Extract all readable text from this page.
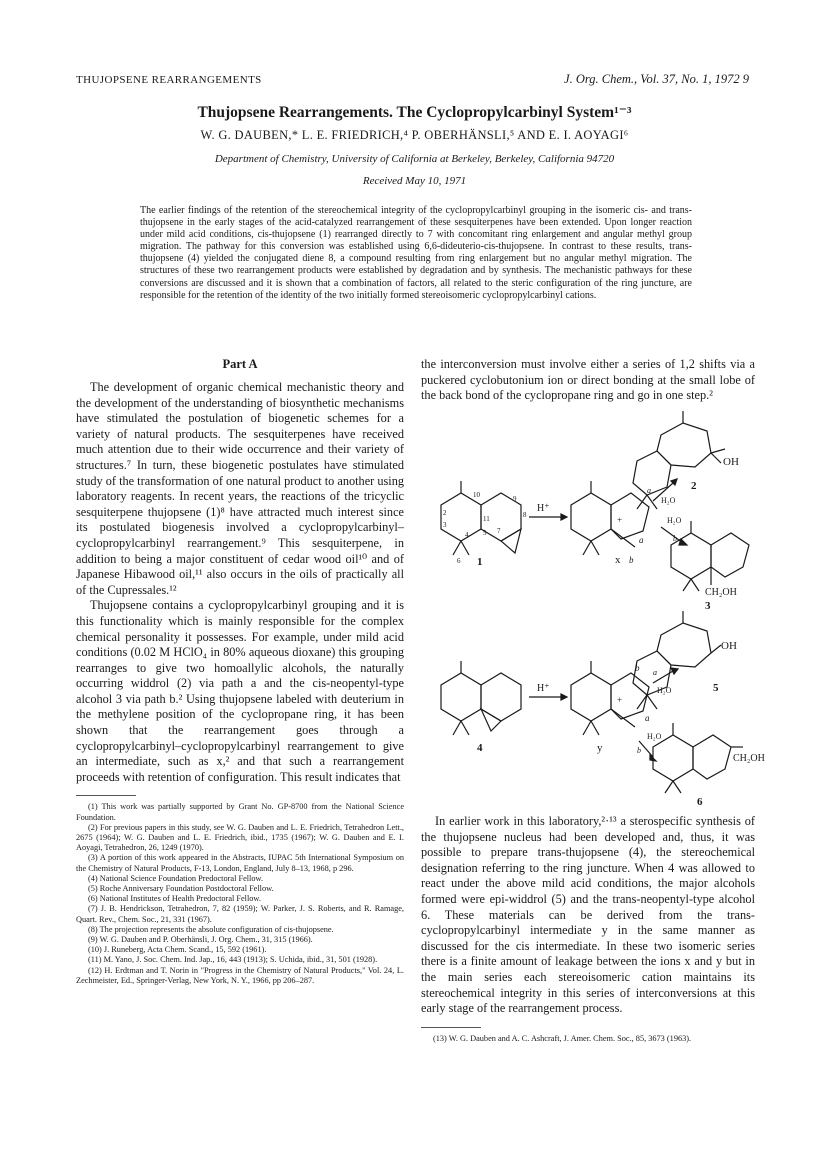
THUJOPSENE REARRANGEMENTS	J. Org. Chem., Vol. 37, No. 1, 1972 9
Thujopsene Rearrangements. The Cyclopropylcarbinyl System¹⁻³
W. G. DAUBEN,* L. E. FRIEDRICH,⁴ P. OBERHÄNSLI,⁵ AND E. I. AOYAGI⁶
Department of Chemistry, University of California at Berkeley, Berkeley, California 94720
Received May 10, 1971
The earlier findings of the retention of the stereochemical integrity of the cyclopropylcarbinyl grouping in the isomeric cis- and trans-thujopsene in the early stages of the acid-catalyzed rearrangement of these sesquiterpenes have been extended. Upon longer reaction under mild acid conditions, cis-thujopsene (1) rearranged directly to 7 with concomitant ring enlargement and angular methyl group migration. The pathway for this conversion was established using 6,6-dideuterio-cis-thujopsene. In contrast to these results, trans-thujopsene (4) yielded the conjugated diene 8, a compound resulting from ring enlargement but no angular methyl migration. The structures of these two rearrangement products were established by degradation and by synthesis. The mechanistic pathways for these conversions are discussed and it is shown that a combination of factors, all related to the steric configuration of the ring juncture, are responsible for the retention of the identity of the two initially formed stereoisomeric cyclopropylcarbinyl cations.
Part A

The development of organic chemical mechanistic theory and the development of the understanding of biosynthetic mechanisms have stimulated the postulation of biogenetic schemes for a variety of natural products. The sesquiterpenes have received much attention due to their wide occurrence and their variety of structures.⁷ In turn, these biogenetic postulates have stimulated study of the transformation of one natural product to another using laboratory reagents. In recent years, the reactions of the tricyclic sesquiterpene thujopsene (1)⁸ have attracted much interest since its postulated biogenesis involved a cyclopropylcarbinyl–cyclopropylcarbinyl rearrangement.⁹ This sesquiterpene, in addition to being a major constituent of cedar wood oil¹⁰ and of Japanese Hibawood oil,¹¹ also occurs in the oils of practically all of the Cupressales.¹²

Thujopsene contains a cyclopropylcarbinyl grouping and it is this functionality which is mainly responsible for the complex chemical personality it possesses. For example, under mild acid conditions (0.02 M HClO₄ in 80% aqueous dioxane) this grouping rearranges to give two homoallylic alcohols, the naturally occurring widdrol (2) via path a and the cis-neopentyl-type alcohol 3 via path b.² Using thujopsene labeled with deuterium in the methylene position of the cyclopropane ring, it has been shown that the rearrangement goes through a cyclopropylcarbinyl–cyclopropylcarbinyl rearrangement to give an intermediate, such as x,² and that such a rearrangement proceeds with retention of configuration. This result indicates that

(1) This work was partially supported by Grant No. GP-8700 from the National Science Foundation.
(2) For previous papers in this study, see W. G. Dauben and L. E. Friedrich, Tetrahedron Lett., 2675 (1964); W. G. Dauben and L. E. Friedrich, ibid., 1735 (1967); W. G. Dauben and E. I. Aoyagi, Tetrahedron, 26, 1249 (1970).
(3) A portion of this work appeared in the Abstracts, IUPAC 5th International Symposium on the Chemistry of Natural Products, F-13, London, England, July 8–13, 1968, p 296.
(4) National Science Foundation Predoctoral Fellow.
(5) Roche Anniversary Foundation Postdoctoral Fellow.
(6) National Institutes of Health Predoctoral Fellow.
(7) J. B. Hendrickson, Tetrahedron, 7, 82 (1959); W. Parker, J. S. Roberts, and R. Ramage, Quart. Rev., Chem. Soc., 21, 331 (1967).
(8) The projection represents the absolute configuration of cis-thujopsene.
(9) W. G. Dauben and P. Oberhänsli, J. Org. Chem., 31, 315 (1966).
(10) J. Runeberg, Acta Chem. Scand., 15, 592 (1961).
(11) M. Yano, J. Soc. Chem. Ind. Jap., 16, 443 (1913); S. Uchida, ibid., 31, 501 (1928).
(12) H. Erdtman and T. Norin in "Progress in the Chemistry of Natural Products," Vol. 24, L. Zechmeister, Ed., Springer-Verlag, New York, N. Y., 1966, pp 206–287.

the interconversion must involve either a series of 1,2 shifts via a puckered cyclobutonium ion or direct bonding at the small lobe of the back bond of the cyclopropane ring and go in one step.²

OH
2
10
11
2
3
4 5 7
8
9
6 1
H⁺
+
a
x b
a
H₂O
H₂O
b
CH₂OH
3
OH
5
4
H⁺
+
b
a
y
a
H₂O
H₂O
b
CH₂OH
6

In earlier work in this laboratory,²·¹³ a sterospecific synthesis of the thujopsene nucleus had been developed and, thus, it was possible to prepare trans-thujopsene (4), the stereochemical designation referring to the ring juncture. When 4 was allowed to react under the above mild acid conditions, the major alcohols formed were epi-widdrol (5) and the trans-neopentyl-type alcohol 6. These materials can be derived from the trans-cyclopropylcarbinyl intermediate y in the same manner as discussed for the cis intermediate. In these two isomeric series there is a finite amount of leakage between the ions x and y but in the main series each stereoisomeric cation maintains its stereochemical integrity in this series of interconversions at this early stage of the rearrangement process.

(13) W. G. Dauben and A. C. Ashcraft, J. Amer. Chem. Soc., 85, 3673 (1963).
